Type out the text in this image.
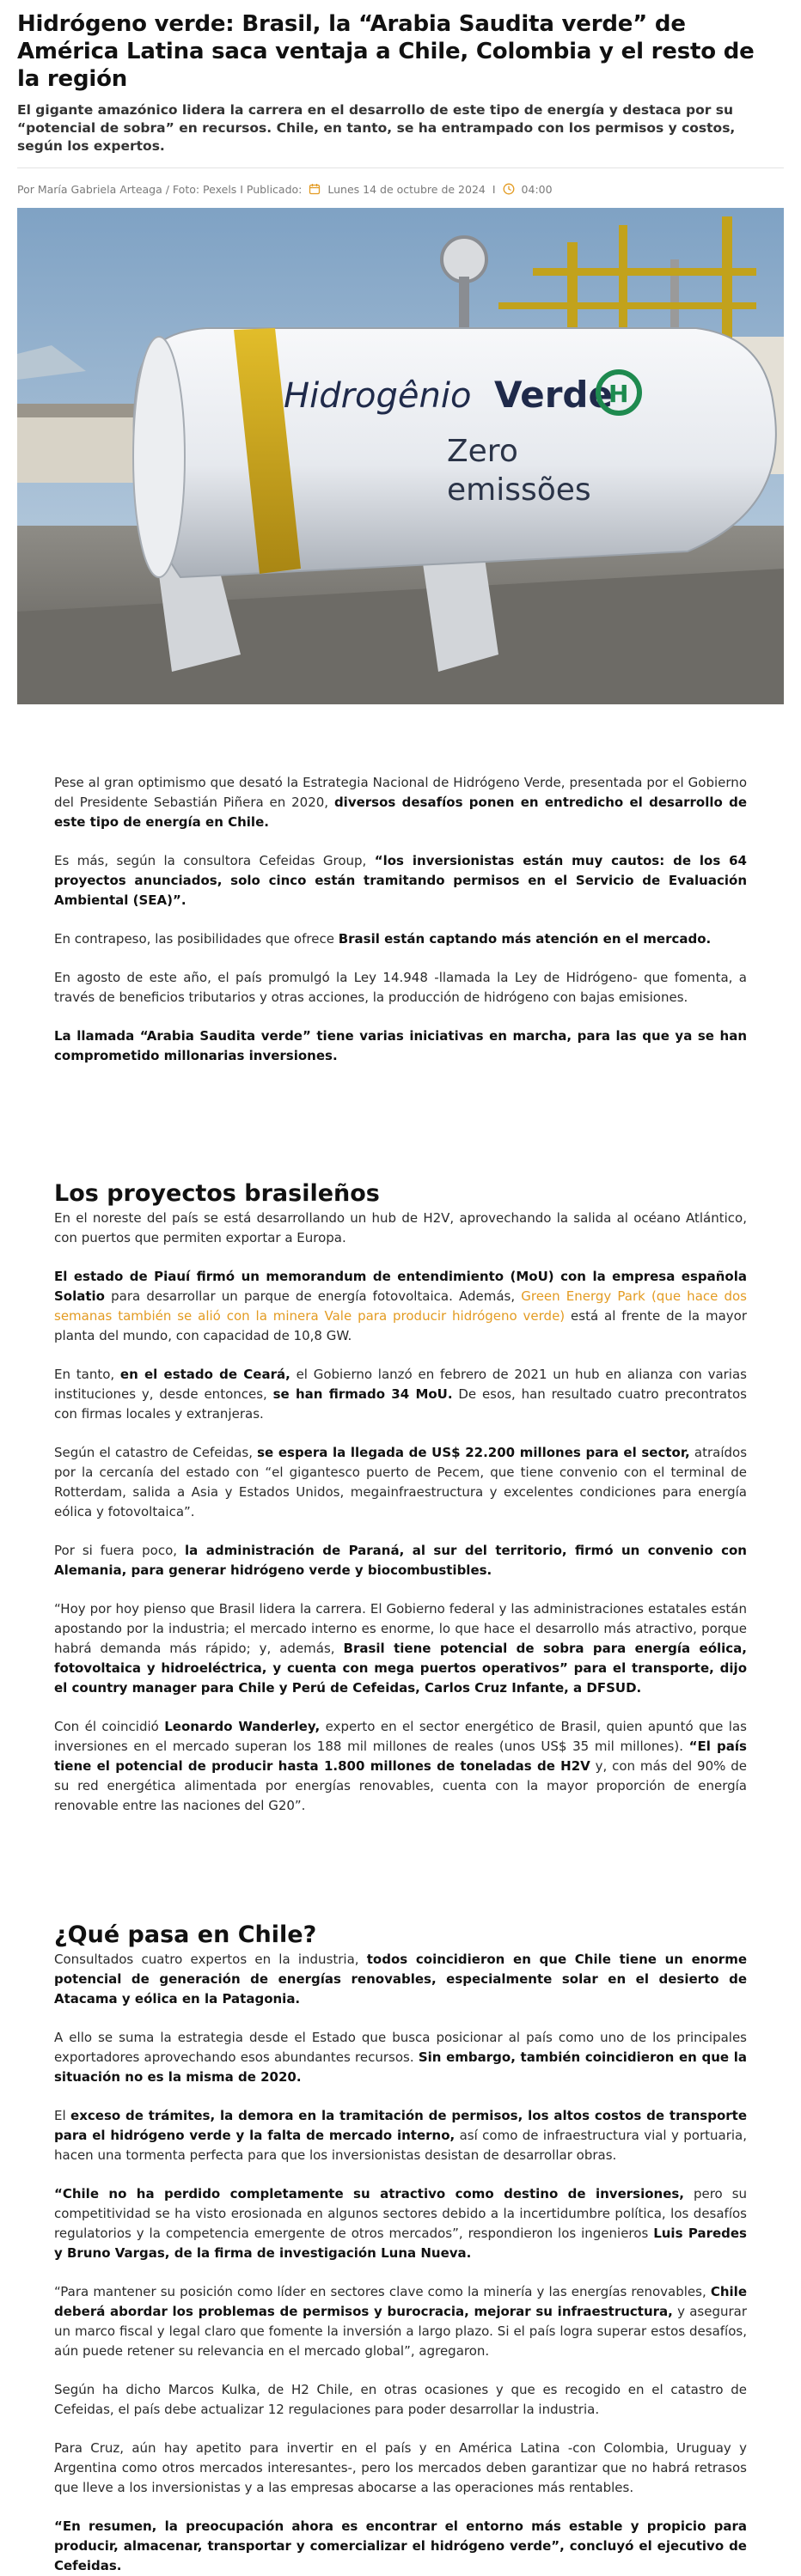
Hidrógeno verde: Brasil, la “Arabia Saudita verde” de América Latina saca ventaja a Chile, Colombia y el resto de la región

El gigante amazónico lidera la carrera en el desarrollo de este tipo de energía y destaca por su “potencial de sobra” en recursos. Chile, en tanto, se ha entrampado con los permisos y costos, según los expertos.

Por María Gabriela Arteaga / Foto: Pexels I Publicado: Lunes 14 de octubre de 2024 I 04:00
Hidrogênio Verde
H
Zero
emissões

Pese al gran optimismo que desató la Estrategia Nacional de Hidrógeno Verde, presentada por el Gobierno del Presidente Sebastián Piñera en 2020, diversos desafíos ponen en entredicho el desarrollo de este tipo de energía en Chile.

Es más, según la consultora Cefeidas Group, “los inversionistas están muy cautos: de los 64 proyectos anunciados, solo cinco están tramitando permisos en el Servicio de Evaluación Ambiental (SEA)”.

En contrapeso, las posibilidades que ofrece Brasil están captando más atención en el mercado.

En agosto de este año, el país promulgó la Ley 14.948 -llamada la Ley de Hidrógeno- que fomenta, a través de beneficios tributarios y otras acciones, la producción de hidrógeno con bajas emisiones.

La llamada “Arabia Saudita verde” tiene varias iniciativas en marcha, para las que ya se han comprometido millonarias inversiones.

Los proyectos brasileños

En el noreste del país se está desarrollando un hub de H2V, aprovechando la salida al océano Atlántico, con puertos que permiten exportar a Europa.

El estado de Piauí firmó un memorandum de entendimiento (MoU) con la empresa española Solatio para desarrollar un parque de energía fotovoltaica. Además, Green Energy Park (que hace dos semanas también se alió con la minera Vale para producir hidrógeno verde) está al frente de la mayor planta del mundo, con capacidad de 10,8 GW.

En tanto, en el estado de Ceará, el Gobierno lanzó en febrero de 2021 un hub en alianza con varias instituciones y, desde entonces, se han firmado 34 MoU. De esos, han resultado cuatro precontratos con firmas locales y extranjeras.

Según el catastro de Cefeidas, se espera la llegada de US$ 22.200 millones para el sector, atraídos por la cercanía del estado con “el gigantesco puerto de Pecem, que tiene convenio con el terminal de Rotterdam, salida a Asia y Estados Unidos, megainfraestructura y excelentes condiciones para energía eólica y fotovoltaica”.

Por si fuera poco, la administración de Paraná, al sur del territorio, firmó un convenio con Alemania, para generar hidrógeno verde y biocombustibles.

“Hoy por hoy pienso que Brasil lidera la carrera. El Gobierno federal y las administraciones estatales están apostando por la industria; el mercado interno es enorme, lo que hace el desarrollo más atractivo, porque habrá demanda más rápido; y, además, Brasil tiene potencial de sobra para energía eólica, fotovoltaica y hidroeléctrica, y cuenta con mega puertos operativos” para el transporte, dijo el country manager para Chile y Perú de Cefeidas, Carlos Cruz Infante, a DFSUD.

Con él coincidió Leonardo Wanderley, experto en el sector energético de Brasil, quien apuntó que las inversiones en el mercado superan los 188 mil millones de reales (unos US$ 35 mil millones). “El país tiene el potencial de producir hasta 1.800 millones de toneladas de H2V y, con más del 90% de su red energética alimentada por energías renovables, cuenta con la mayor proporción de energía renovable entre las naciones del G20”.

¿Qué pasa en Chile?

Consultados cuatro expertos en la industria, todos coincidieron en que Chile tiene un enorme potencial de generación de energías renovables, especialmente solar en el desierto de Atacama y eólica en la Patagonia.

A ello se suma la estrategia desde el Estado que busca posicionar al país como uno de los principales exportadores aprovechando esos abundantes recursos. Sin embargo, también coincidieron en que la situación no es la misma de 2020.

El exceso de trámites, la demora en la tramitación de permisos, los altos costos de transporte para el hidrógeno verde y la falta de mercado interno, así como de infraestructura vial y portuaria, hacen una tormenta perfecta para que los inversionistas desistan de desarrollar obras.

“Chile no ha perdido completamente su atractivo como destino de inversiones, pero su competitividad se ha visto erosionada en algunos sectores debido a la incertidumbre política, los desafíos regulatorios y la competencia emergente de otros mercados”, respondieron los ingenieros Luis Paredes y Bruno Vargas, de la firma de investigación Luna Nueva.

“Para mantener su posición como líder en sectores clave como la minería y las energías renovables, Chile deberá abordar los problemas de permisos y burocracia, mejorar su infraestructura, y asegurar un marco fiscal y legal claro que fomente la inversión a largo plazo. Si el país logra superar estos desafíos, aún puede retener su relevancia en el mercado global”, agregaron.

Según ha dicho Marcos Kulka, de H2 Chile, en otras ocasiones y que es recogido en el catastro de Cefeidas, el país debe actualizar 12 regulaciones para poder desarrollar la industria.

Para Cruz, aún hay apetito para invertir en el país y en América Latina -con Colombia, Uruguay y Argentina como otros mercados interesantes-, pero los mercados deben garantizar que no habrá retrasos que lleve a los inversionistas y a las empresas abocarse a las operaciones más rentables.

“En resumen, la preocupación ahora es encontrar el entorno más estable y propicio para producir, almacenar, transportar y comercializar el hidrógeno verde”, concluyó el ejecutivo de Cefeidas.
